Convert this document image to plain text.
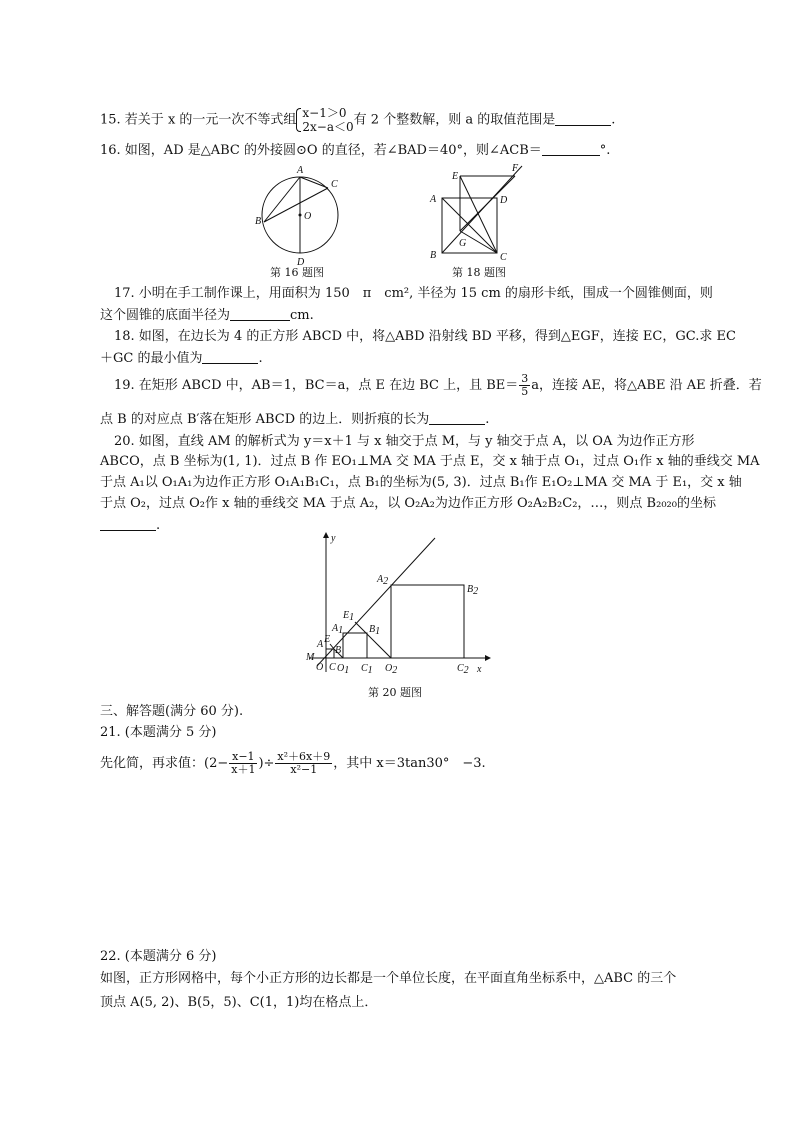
15. 若关于 x 的一元一次不等式组 x−1＞0
2x−a＜0 有 2 个整数解，则 a 的取值范围是	.
16. 如图，AD 是△ABC 的外接圆⊙O 的直径，若∠BAD＝40°，则∠ACB＝	°.
A
B
C
D
O
第 16 题图
A
B	C
D
E
F
G
第 18 题图
17. 小明在手工制作课上，用面积为 150　π　cm², 半径为 15 cm 的扇形卡纸，围成一个圆锥侧面，则
这个圆锥的底面半径为	cm.
18. 如图，在边长为 4 的正方形 ABCD 中，将△ABD 沿射线 BD 平移，得到△EGF，连接 EC，GC.求 EC
＋GC 的最小值为	.
19. 在矩形 ABCD 中，AB＝1，BC＝a，点 E 在边 BC 上，且 $BE= \frac{3}{5}$ a，连接 AE，将△ABE 沿 AE 折叠．若
点 B 的对应点 B′落在矩形 ABCD 的边上．则折痕的长为	.
20. 如图，直线 AM 的解析式为 y＝x＋1 与 x 轴交于点 M，与 y 轴交于点 A，以 OA 为边作正方形
ABCO，点 B 坐标为(1, 1)．过点 B 作 EO₁⊥MA 交 MA 于点 E，交 x 轴于点 O₁，过点 O₁作 x 轴的垂线交 MA
于点 A₁以 O₁A₁为边作正方形 O₁A₁B₁C₁，点 B₁的坐标为(5, 3)．过点 B₁作 E₁O₂⊥MA 交 MA 于 E₁，交 x 轴
于点 O₂，过点 O₂作 x 轴的垂线交 MA 于点 A₂，以 O₂A₂为边作正方形 O₂A₂B₂C₂，…，则点 B₂₀₂₀的坐标
.
y
x
O
M
A
B
C
E
A1	B1
C1
O1
E1
A2
B2
O2	C2
第 20 题图
三、解答题(满分 60 分).
21. (本题满分 5 分)
先化简，再求值：($2- \frac{x-1}{x+1}$ )÷ $\frac{\text{x²＋6x＋9}}{\text{x²−1}}$ ，其中 x＝3tan30°　−3.
22. (本题满分 6 分)
如图，正方形网格中，每个小正方形的边长都是一个单位长度，在平面直角坐标系中，△ABC 的三个
顶点 A(5, 2)、B(5，5)、C(1，1)均在格点上．
